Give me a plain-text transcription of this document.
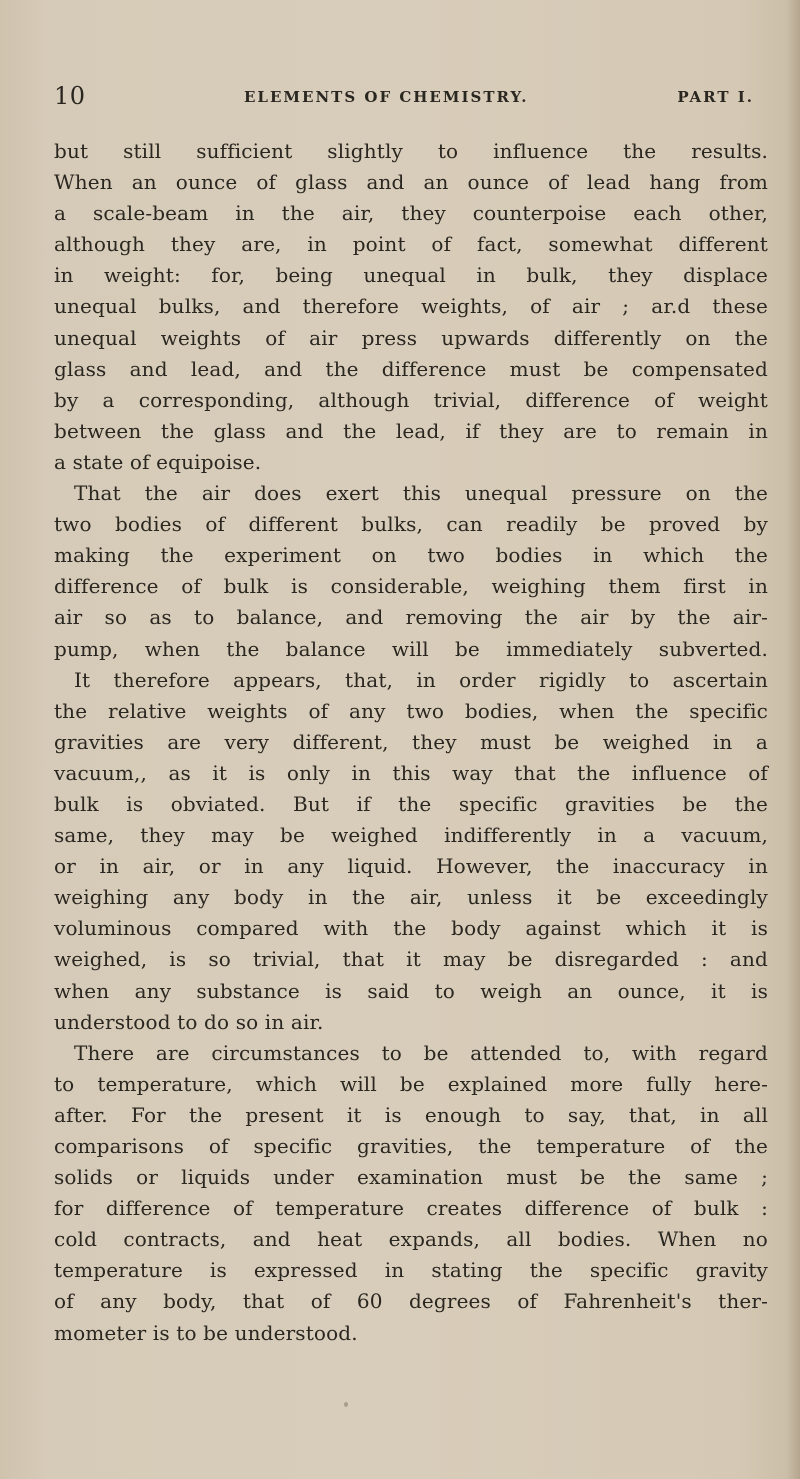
10	ELEMENTS OF CHEMISTRY.	PART I.
but still sufficient slightly to influence the results.
When an ounce of glass and an ounce of lead hang from
a scale-beam in the air, they counterpoise each other,
although they are, in point of fact, somewhat different
in weight: for, being unequal in bulk, they displace
unequal bulks, and therefore weights, of air ; ar.d these
unequal weights of air press upwards differently on the
glass and lead, and the difference must be compensated
by a corresponding, although trivial, difference of weight
between the glass and the lead, if they are to remain in
a state of equipoise.
That the air does exert this unequal pressure on the
two bodies of different bulks, can readily be proved by
making the experiment on two bodies in which the
difference of bulk is considerable, weighing them first in
air so as to balance, and removing the air by the air-
pump, when the balance will be immediately subverted.
It therefore appears, that, in order rigidly to ascertain
the relative weights of any two bodies, when the specific
gravities are very different, they must be weighed in a
vacuum,, as it is only in this way that the influence of
bulk is obviated. But if the specific gravities be the
same, they may be weighed indifferently in a vacuum,
or in air, or in any liquid. However, the inaccuracy in
weighing any body in the air, unless it be exceedingly
voluminous compared with the body against which it is
weighed, is so trivial, that it may be disregarded : and
when any substance is said to weigh an ounce, it is
understood to do so in air.
There are circumstances to be attended to, with regard
to temperature, which will be explained more fully here-
after. For the present it is enough to say, that, in all
comparisons of specific gravities, the temperature of the
solids or liquids under examination must be the same ;
for difference of temperature creates difference of bulk :
cold contracts, and heat expands, all bodies. When no
temperature is expressed in stating the specific gravity
of any body, that of 60 degrees of Fahrenheit's ther-
mometer is to be understood.
